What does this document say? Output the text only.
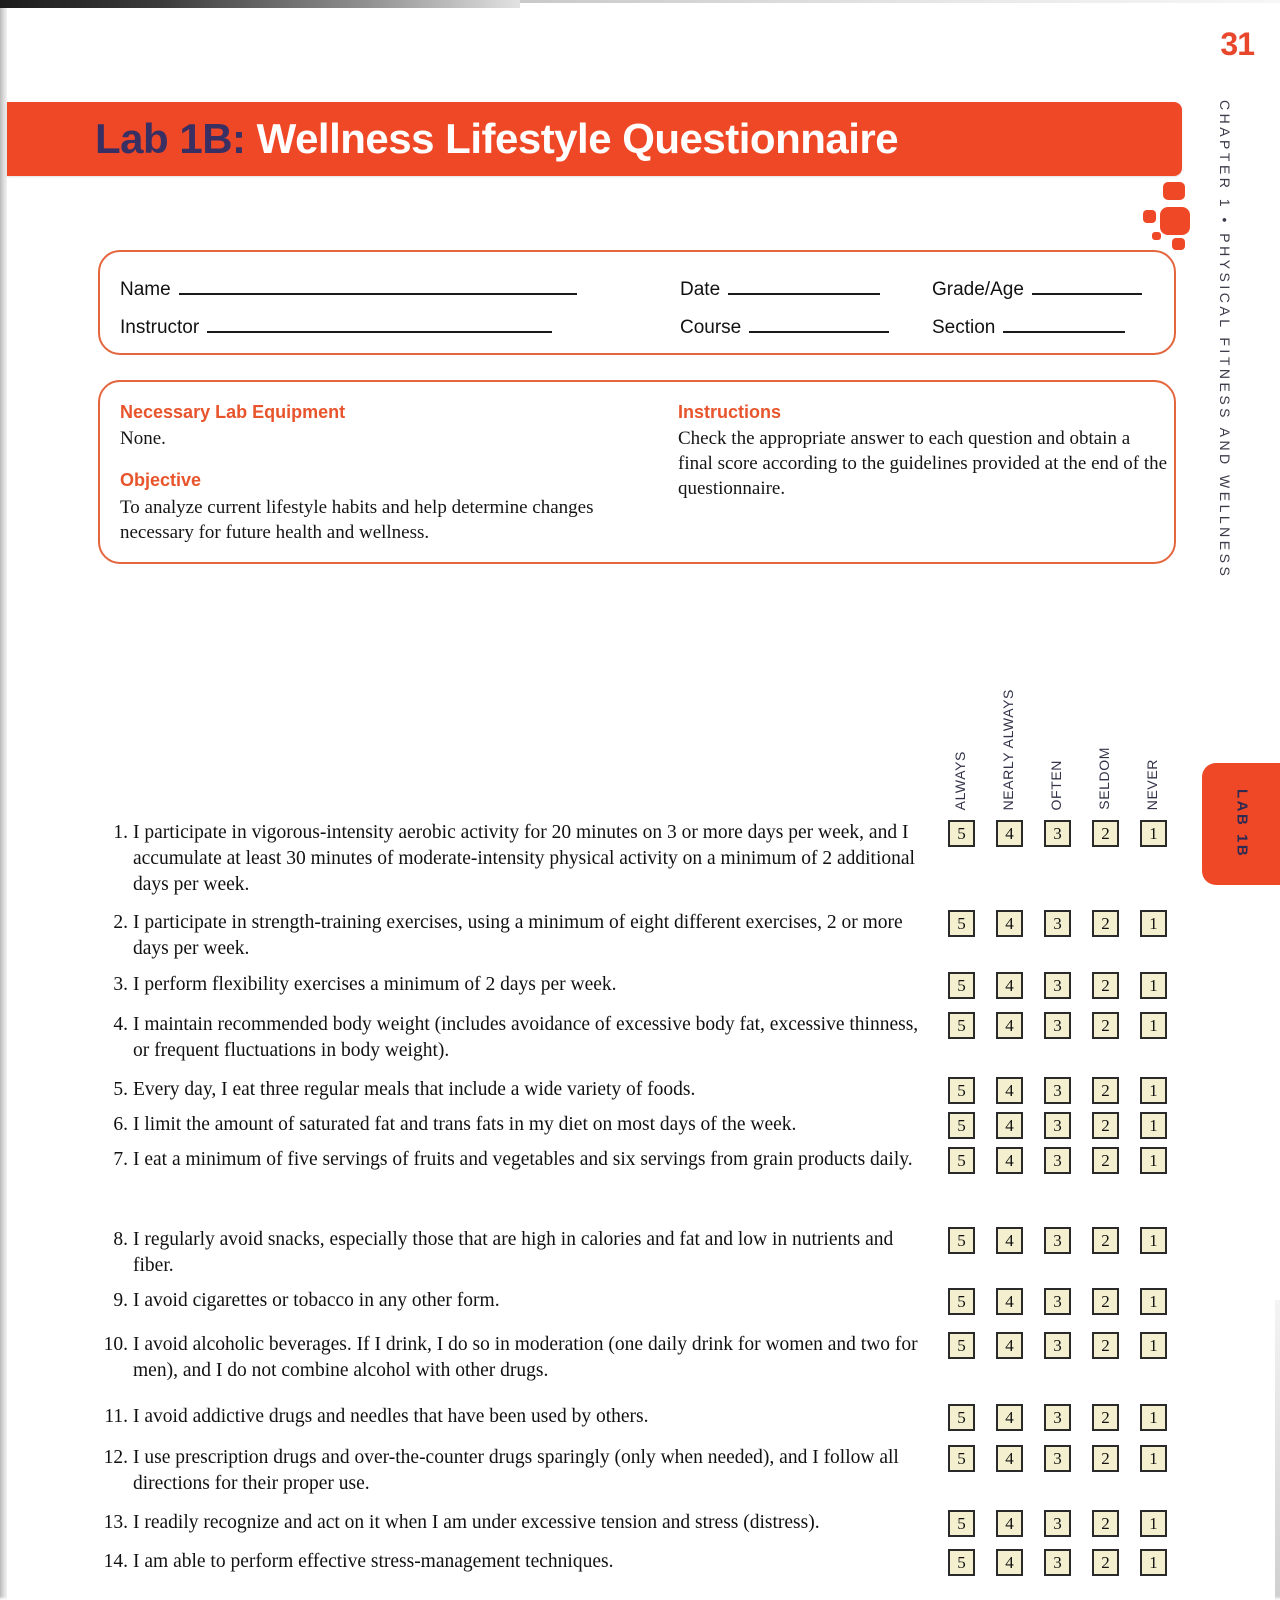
31
Lab 1B: Wellness Lifestyle Questionnaire	CHAPTER 1 • PHYSICAL FITNESS AND WELLNESS
LAB 1B
Name	Date	Grade/Age
Instructor	Course	Section
Necessary Lab Equipment

None.

Objective

To analyze current lifestyle habits and help determine changes necessary for future health and wellness.

Instructions

Check the appropriate answer to each question and obtain a final score according to the guidelines provided at the end of the questionnaire.

ALWAYS NEARLY ALWAYS OFTEN SELDOM NEVER
1. I participate in vigorous-intensity aerobic activity for 20 minutes on 3 or more days per week, and I accumulate at least 30 minutes of moderate-intensity physical activity on a minimum of 2 additional days per week.
5	4	3	2	1
2. I participate in strength-training exercises, using a minimum of eight different exercises, 2 or more days per week.
5	4	3	2	1
3. I perform flexibility exercises a minimum of 2 days per week.	5	4	3	2	1
4. I maintain recommended body weight (includes avoidance of excessive body fat, excessive thinness, or frequent fluctuations in body weight).
5	4	3	2	1
5. Every day, I eat three regular meals that include a wide variety of foods.	5	4	3	2	1
6. I limit the amount of saturated fat and trans fats in my diet on most days of the week.	5	4	3	2	1
7. I eat a minimum of five servings of fruits and vegetables and six servings from grain products daily.	5	4	3	2	1
8. I regularly avoid snacks, especially those that are high in calories and fat and low in nutrients and fiber.
5	4	3	2	1
9. I avoid cigarettes or tobacco in any other form.	5	4	3	2	1
10. I avoid alcoholic beverages. If I drink, I do so in moderation (one daily drink for women and two for men), and I do not combine alcohol with other drugs.
5	4	3	2	1
11. I avoid addictive drugs and needles that have been used by others.	5	4	3	2	1
12. I use prescription drugs and over-the-counter drugs sparingly (only when needed), and I follow all directions for their proper use.
5	4	3	2	1
13. I readily recognize and act on it when I am under excessive tension and stress (distress).	5	4	3	2	1
14. I am able to perform effective stress-management techniques.	5	4	3	2	1
